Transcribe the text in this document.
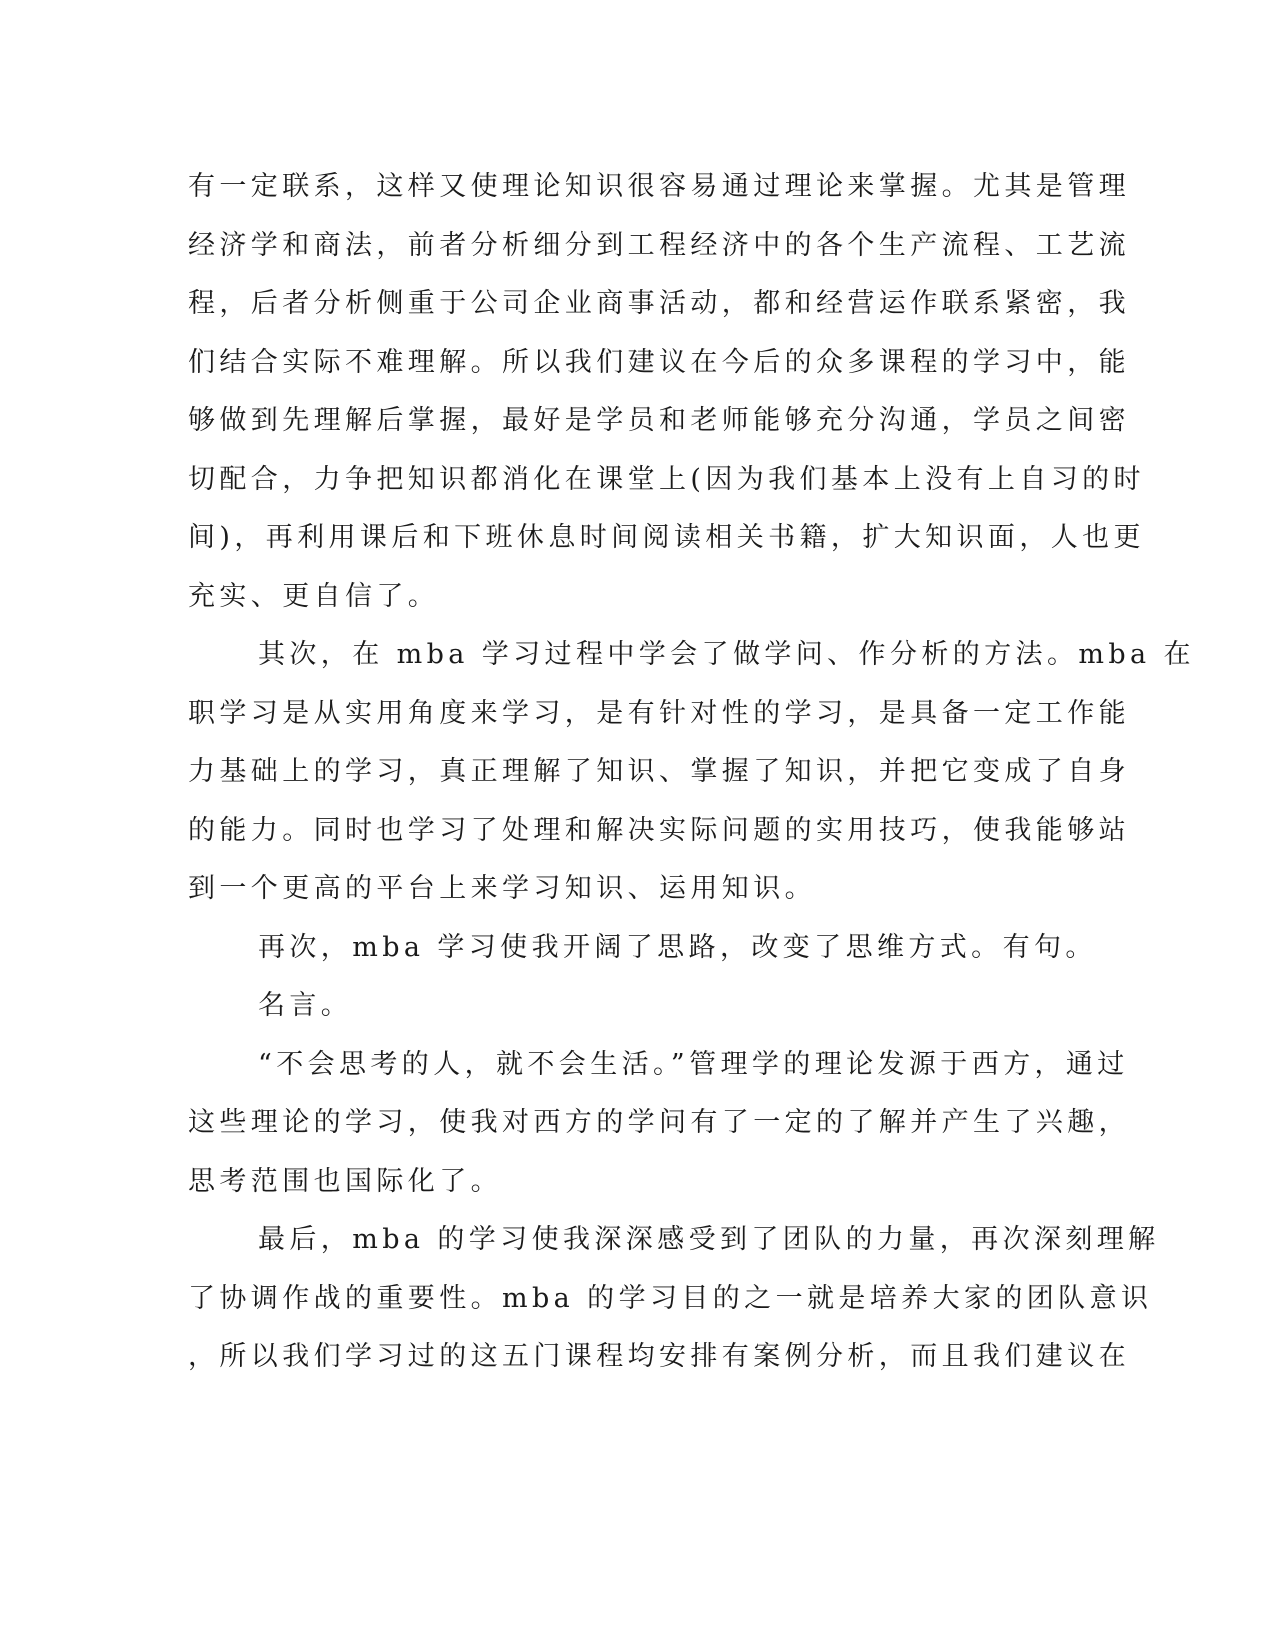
有一定联系，这样又使理论知识很容易通过理论来掌握。尤其是管理
经济学和商法，前者分析细分到工程经济中的各个生产流程、工艺流
程，后者分析侧重于公司企业商事活动，都和经营运作联系紧密，我
们结合实际不难理解。所以我们建议在今后的众多课程的学习中，能
够做到先理解后掌握，最好是学员和老师能够充分沟通，学员之间密
切配合，力争把知识都消化在课堂上(因为我们基本上没有上自习的时
间)，再利用课后和下班休息时间阅读相关书籍，扩大知识面，人也更
充实、更自信了。
其次，在 mba 学习过程中学会了做学问、作分析的方法。mba 在
职学习是从实用角度来学习，是有针对性的学习，是具备一定工作能
力基础上的学习，真正理解了知识、掌握了知识，并把它变成了自身
的能力。同时也学习了处理和解决实际问题的实用技巧，使我能够站
到一个更高的平台上来学习知识、运用知识。
再次，mba 学习使我开阔了思路，改变了思维方式。有句。
名言。
“不会思考的人，就不会生活。”管理学的理论发源于西方，通过
这些理论的学习，使我对西方的学问有了一定的了解并产生了兴趣，
思考范围也国际化了。
最后，mba 的学习使我深深感受到了团队的力量，再次深刻理解
了协调作战的重要性。mba 的学习目的之一就是培养大家的团队意识
，所以我们学习过的这五门课程均安排有案例分析，而且我们建议在
